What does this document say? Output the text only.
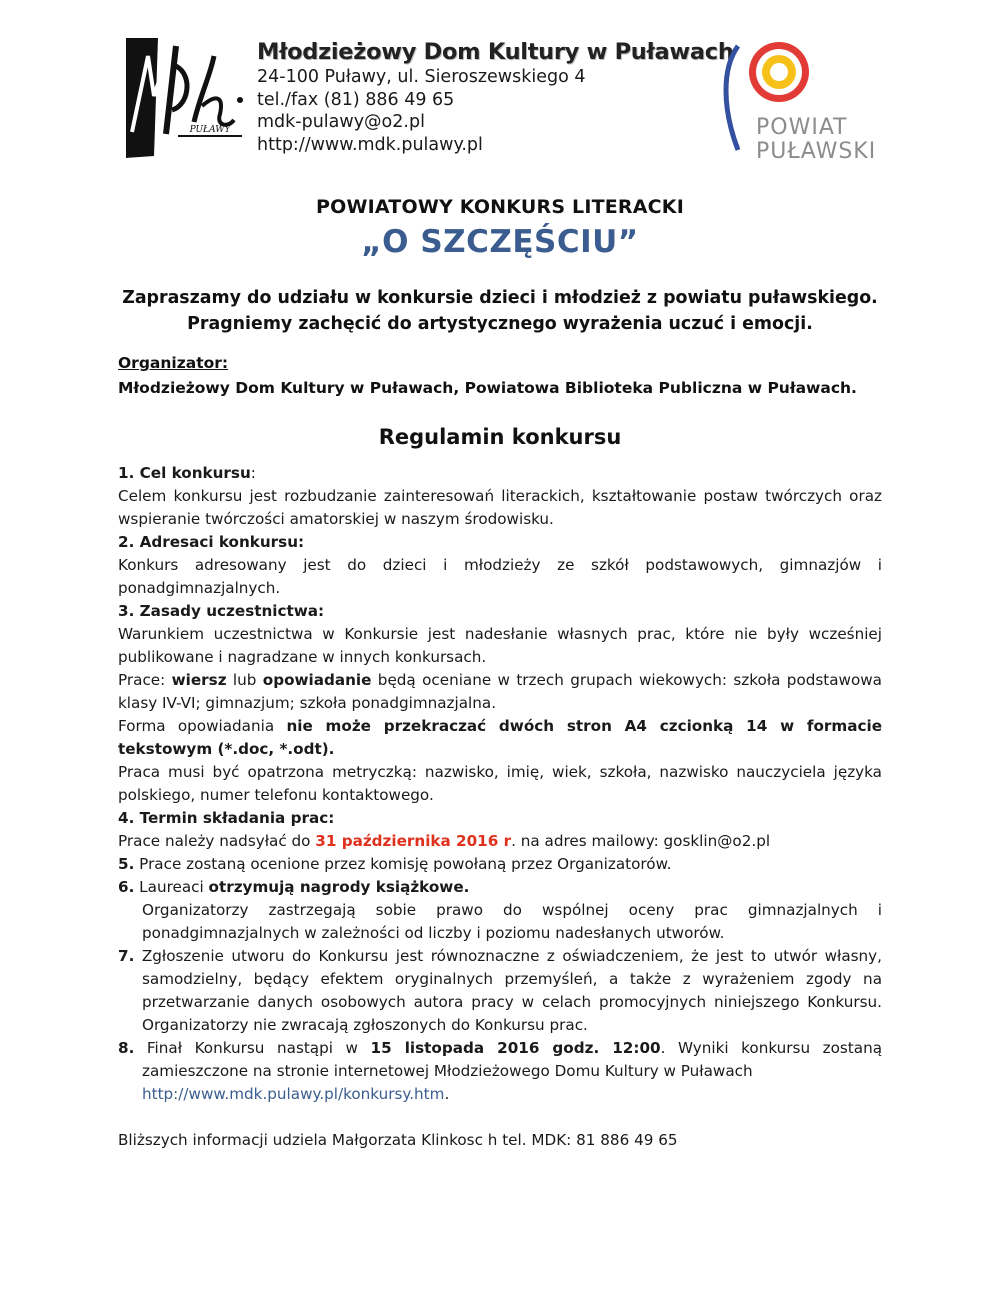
PUŁAWY
Młodzieżowy Dom Kultury w Puławach
24-100 Puławy, ul. Sieroszewskiego 4
tel./fax (81) 886 49 65
mdk-pulawy@o2.pl
http://www.mdk.pulawy.pl
POWIAT
PUŁAWSKI
POWIATOWY KONKURS LITERACKI
„O SZCZĘŚCIU”
Zapraszamy do udziału w konkursie dzieci i młodzież z powiatu puławskiego.
Pragniemy zachęcić do artystycznego wyrażenia uczuć i emocji.
Organizator:
Młodzieżowy Dom Kultury w Puławach, Powiatowa Biblioteka Publiczna w Puławach.
Regulamin konkursu

1. Cel konkursu:

Celem konkursu jest rozbudzanie zainteresowań literackich, kształtowanie postaw twórczych oraz wspieranie twórczości amatorskiej w naszym środowisku.

2. Adresaci konkursu:

Konkurs adresowany jest do dzieci i młodzieży ze szkół podstawowych, gimnazjów i ponadgimnazjalnych.

3. Zasady uczestnictwa:

Warunkiem uczestnictwa w Konkursie jest nadesłanie własnych prac, które nie były wcześniej publikowane i nagradzane w innych konkursach.

Prace: wiersz lub opowiadanie będą oceniane w trzech grupach wiekowych: szkoła podstawowa klasy IV-VI; gimnazjum; szkoła ponadgimnazjalna.

Forma opowiadania nie może przekraczać dwóch stron A4 czcionką 14 w formacie tekstowym (*.doc, *.odt).

Praca musi być opatrzona metryczką: nazwisko, imię, wiek, szkoła, nazwisko nauczyciela języka polskiego, numer telefonu kontaktowego.

4. Termin składania prac:

Prace należy nadsyłać do 31 października 2016 r. na adres mailowy: gosklin@o2.pl

5. Prace zostaną ocenione przez komisję powołaną przez Organizatorów.

6. Laureaci otrzymują nagrody książkowe.

Organizatorzy zastrzegają sobie prawo do wspólnej oceny prac gimnazjalnych i ponadgimnazjalnych w zależności od liczby i poziomu nadesłanych utworów.

7. Zgłoszenie utworu do Konkursu jest równoznaczne z oświadczeniem, że jest to utwór własny, samodzielny, będący efektem oryginalnych przemyśleń, a także z wyrażeniem zgody na przetwarzanie danych osobowych autora pracy w celach promocyjnych niniejszego Konkursu. Organizatorzy nie zwracają zgłoszonych do Konkursu prac.

8. Finał Konkursu nastąpi w 15 listopada 2016 godz. 12:00. Wyniki konkursu zostaną zamieszczone na stronie internetowej Młodzieżowego Domu Kultury w Puławach

http://www.mdk.pulawy.pl/konkursy.htm.

Bliższych informacji udziela Małgorzata Klinkosc h tel. MDK: 81 886 49 65
